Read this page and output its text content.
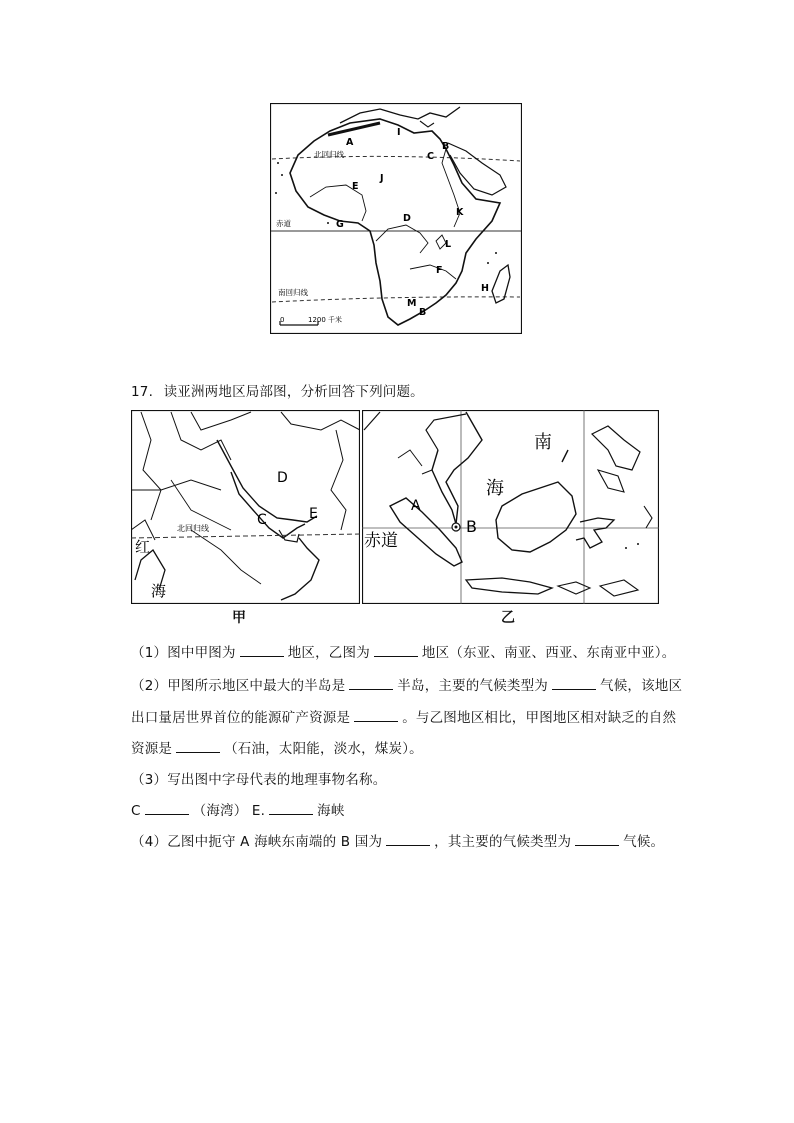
0	1200 千米
北回归线
赤道
南回归线
A
I
B
C
J
E
K
G
D
L
F
H
M
B
17. 读亚洲两地区局部图，分析回答下列问题。
北回归线
红
海
D
C	E
甲
赤道
南
海
A
B
乙
（1）图中甲图为	地区，乙图为	地区（东亚、南亚、西亚、东南亚中亚）。
（2）甲图所示地区中最大的半岛是	半岛，主要的气候类型为	气候，该地区
出口量居世界首位的能源矿产资源是	。与乙图地区相比，甲图地区相对缺乏的自然
资源是	（石油，太阳能，淡水，煤炭）。
（3）写出图中字母代表的地理事物名称。
C	（海湾） E.	海峡
（4）乙图中扼守 A 海峡东南端的 B 国为	，其主要的气候类型为	气候。
